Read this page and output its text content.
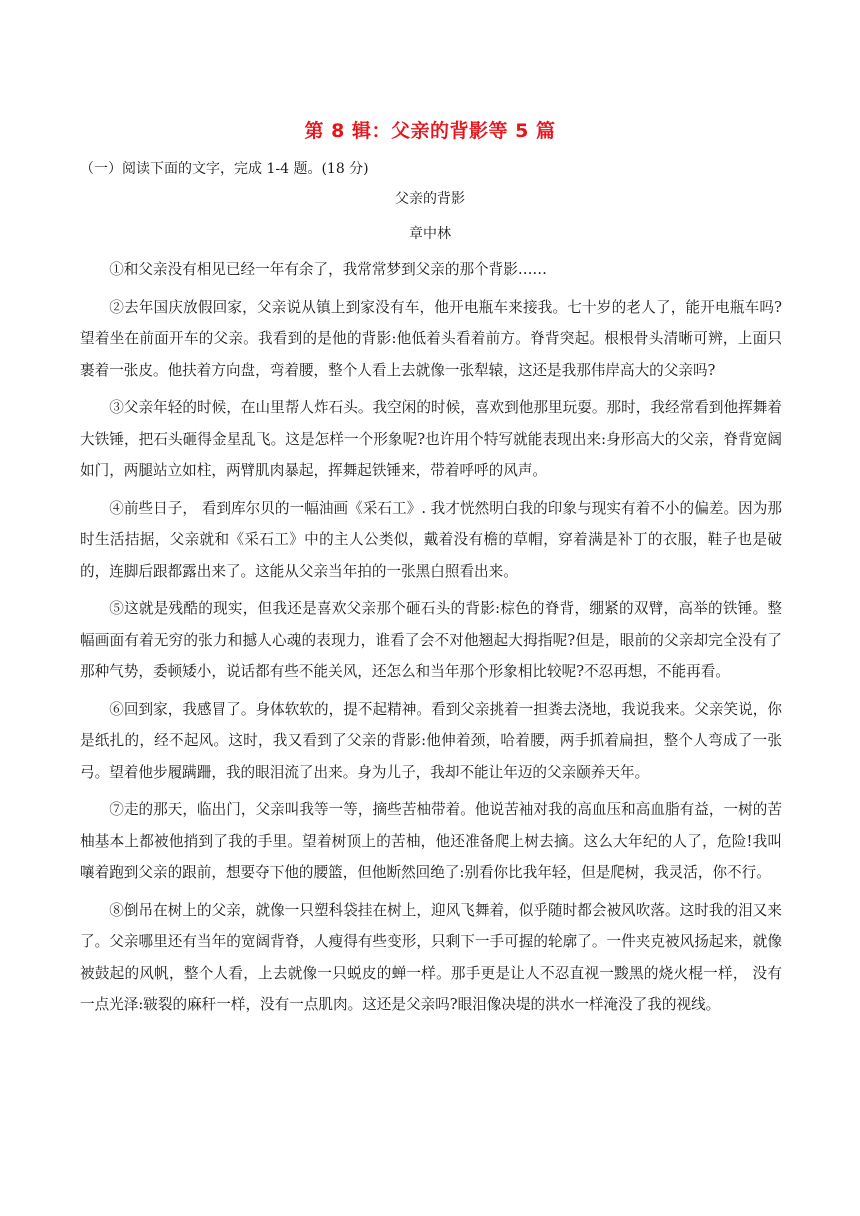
第 8 辑：父亲的背影等 5 篇
（一）阅读下面的文字，完成 1-4 题。(18 分)
父亲的背影
章中林

①和父亲没有相见已经一年有余了，我常常梦到父亲的那个背影……

②去年国庆放假回家，父亲说从镇上到家没有车，他开电瓶车来接我。七十岁的老人了，能开电瓶车吗?望着坐在前面开车的父亲。我看到的是他的背影:他低着头看着前方。脊背突起。根根骨头清晰可辨，上面只裹着一张皮。他扶着方向盘，弯着腰，整个人看上去就像一张犁辕，这还是我那伟岸高大的父亲吗?

③父亲年轻的时候，在山里帮人炸石头。我空闲的时候，喜欢到他那里玩耍。那时，我经常看到他挥舞着大铁锤，把石头砸得金星乱飞。这是怎样一个形象呢?也许用个特写就能表现出来:身形高大的父亲，脊背宽阔如门，两腿站立如柱，两臂肌肉暴起，挥舞起铁锤来，带着呼呼的风声。

④前些日子， 看到库尔贝的一幅油画《采石工》. 我才恍然明白我的印象与现实有着不小的偏差。因为那时生活拮据，父亲就和《采石工》中的主人公类似，戴着没有檐的草帽，穿着满是补丁的衣服，鞋子也是破的，连脚后跟都露出来了。这能从父亲当年拍的一张黑白照看出来。

⑤这就是残酷的现实，但我还是喜欢父亲那个砸石头的背影:棕色的脊背，绷紧的双臂，高举的铁锤。整幅画面有着无穷的张力和撼人心魂的表现力，谁看了会不对他翘起大拇指呢?但是，眼前的父亲却完全没有了那种气势，委顿矮小，说话都有些不能关风，还怎么和当年那个形象相比较呢?不忍再想，不能再看。

⑥回到家，我感冒了。身体软软的，提不起精神。看到父亲挑着一担粪去浇地，我说我来。父亲笑说，你是纸扎的，经不起风。这时，我又看到了父亲的背影:他伸着颈，哈着腰，两手抓着扁担，整个人弯成了一张弓。望着他步履蹒跚，我的眼泪流了出来。身为儿子，我却不能让年迈的父亲颐养天年。

⑦走的那天，临出门，父亲叫我等一等，摘些苦柚带着。他说苦袖对我的高血压和高血脂有益，一树的苦柚基本上都被他捎到了我的手里。望着树顶上的苦柚，他还准备爬上树去摘。这么大年纪的人了，危险!我叫嚷着跑到父亲的跟前，想要夺下他的腰篮，但他断然回绝了:别看你比我年轻，但是爬树，我灵活，你不行。

⑧倒吊在树上的父亲，就像一只塑科袋挂在树上，迎风飞舞着，似乎随时都会被风吹落。这时我的泪又来了。父亲哪里还有当年的宽阔背脊，人瘦得有些变形，只剩下一手可握的轮廓了。一件夹克被风扬起来，就像被鼓起的风帆，整个人看，上去就像一只蜕皮的蝉一样。那手更是让人不忍直视一黢黑的烧火棍一样， 没有一点光泽:皲裂的麻秆一样，没有一点肌肉。这还是父亲吗?眼泪像决堤的洪水一样淹没了我的视线。
